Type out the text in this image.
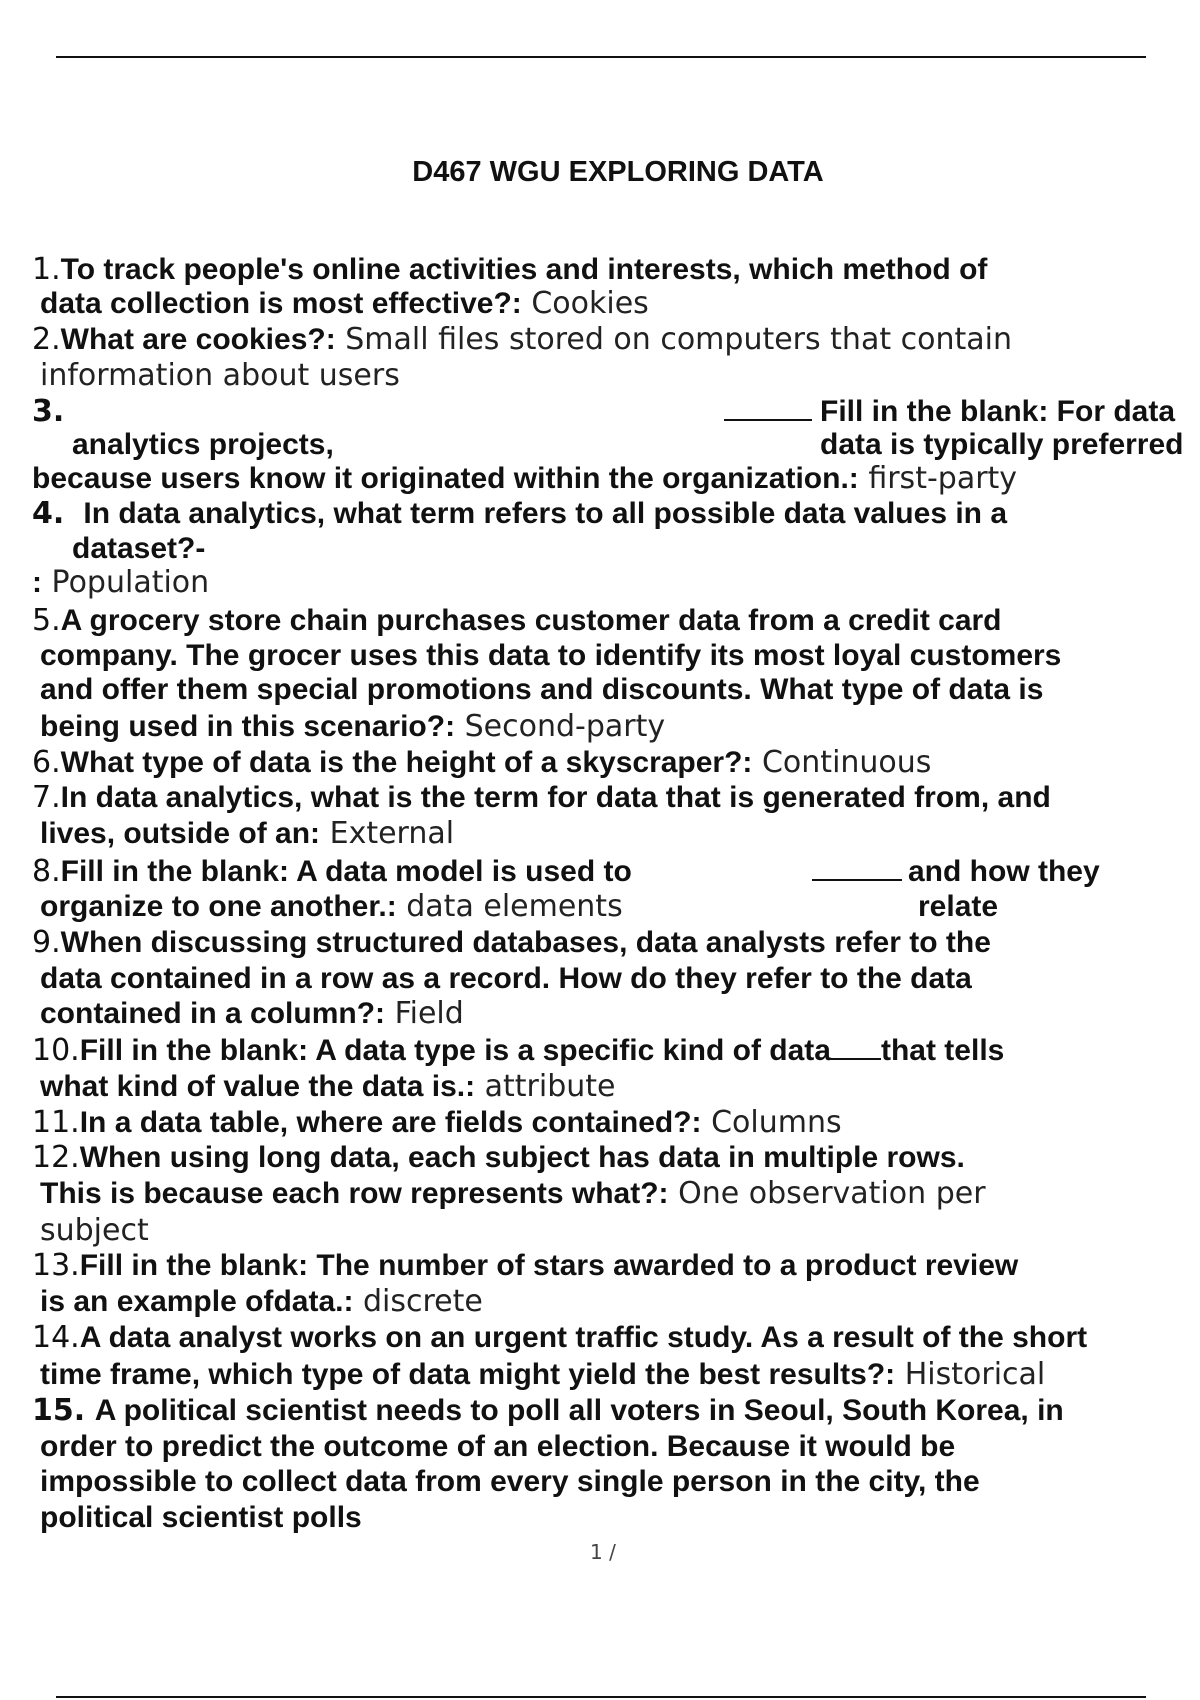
D467 WGU EXPLORING DATA
1.To track people's online activities and interests, which method of
data collection is most effective?: Cookies
2.What are cookies?: Small files stored on computers that contain
information about users
3.	Fill in the blank: For data
analytics projects,	data is typically preferred
because users know it originated within the organization.: first-party
4. In data analytics, what term refers to all possible data values in a
dataset?-
: Population
5.A grocery store chain purchases customer data from a credit card
company. The grocer uses this data to identify its most loyal customers
and offer them special promotions and discounts. What type of data is
being used in this scenario?: Second-party
6.What type of data is the height of a skyscraper?: Continuous
7.In data analytics, what is the term for data that is generated from, and
lives, outside of an: External
8.Fill in the blank: A data model is used to	and how they
organize to one another.: data elements	relate
9.When discussing structured databases, data analysts refer to the
data contained in a row as a record. How do they refer to the data
contained in a column?: Field
10.Fill in the blank: A data type is a specific kind of data that tells
what kind of value the data is.: attribute
11.In a data table, where are fields contained?: Columns
12.When using long data, each subject has data in multiple rows.
This is because each row represents what?: One observation per
subject
13.Fill in the blank: The number of stars awarded to a product review
is an example ofdata.: discrete
14.A data analyst works on an urgent traffic study. As a result of the short
time frame, which type of data might yield the best results?: Historical
15. A political scientist needs to poll all voters in Seoul, South Korea, in
order to predict the outcome of an election. Because it would be
impossible to collect data from every single person in the city, the
political scientist polls
1 /
